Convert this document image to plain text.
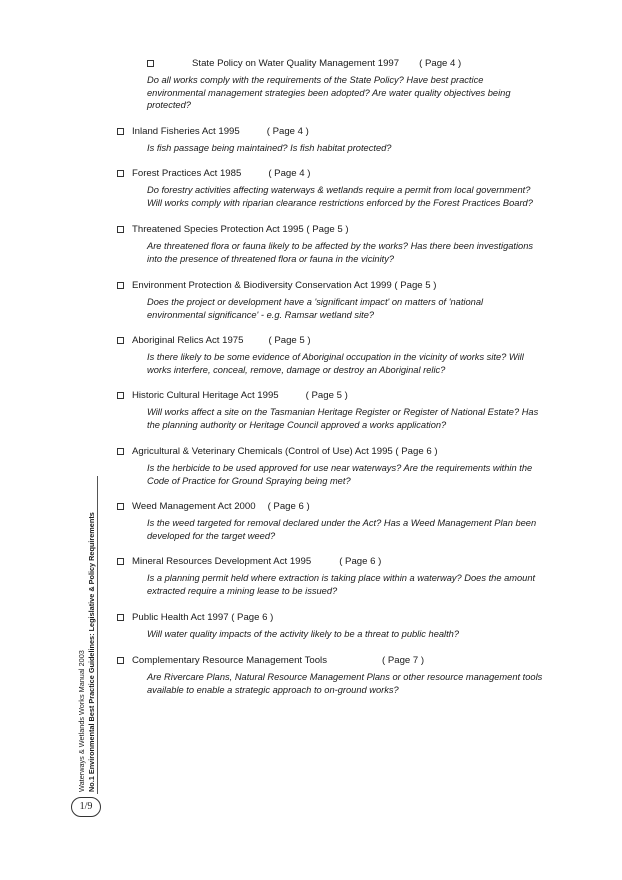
State Policy on Water Quality Management 1997 ( Page 4 )
Do all works comply with the requirements of the State Policy? Have best practice environmental management strategies been adopted? Are water quality objectives being protected?
Inland Fisheries Act 1995	( Page 4 )
Is fish passage being maintained? Is fish habitat protected?
Forest Practices Act 1985	( Page 4 )
Do forestry activities affecting waterways & wetlands require a permit from local government? Will works comply with riparian clearance restrictions enforced by the Forest Practices Board?
Threatened Species Protection Act 1995 ( Page 5 )
Are threatened flora or fauna likely to be affected by the works? Has there been investigations into the presence of threatened flora or fauna in the vicinity?
Environment Protection & Biodiversity Conservation Act 1999 ( Page 5 )
Does the project or development have a 'significant impact' on matters of 'national environmental significance' - e.g. Ramsar wetland site?
Aboriginal Relics Act 1975	( Page 5 )
Is there likely to be some evidence of Aboriginal occupation in the vicinity of works site? Will works interfere, conceal, remove, damage or destroy an Aboriginal relic?
Historic Cultural Heritage Act 1995	( Page 5 )
Will works affect a site on the Tasmanian Heritage Register or Register of National Estate? Has the planning authority or Heritage Council approved a works application?
Agricultural & Veterinary Chemicals (Control of Use) Act 1995 ( Page 6 )
Is the herbicide to be used approved for use near waterways? Are the requirements within the Code of Practice for Ground Spraying being met?
Weed Management Act 2000 ( Page 6 )
Is the weed targeted for removal declared under the Act? Has a Weed Management Plan been developed for the target weed?
Mineral Resources Development Act 1995	( Page 6 )
Is a planning permit held where extraction is taking place within a waterway? Does the amount extracted require a mining lease to be issued?
Public Health Act 1997 ( Page 6 )
Will water quality impacts of the activity likely to be a threat to public health?
Complementary Resource Management Tools	( Page 7 )
Are Rivercare Plans, Natural Resource Management Plans or other resource management tools available to enable a strategic approach to on-ground works?
Waterways & Wetlands Works Manual 2003 No.1 Environmental Best Practice Guidelines: Legislative & Policy Requirements
1/9
